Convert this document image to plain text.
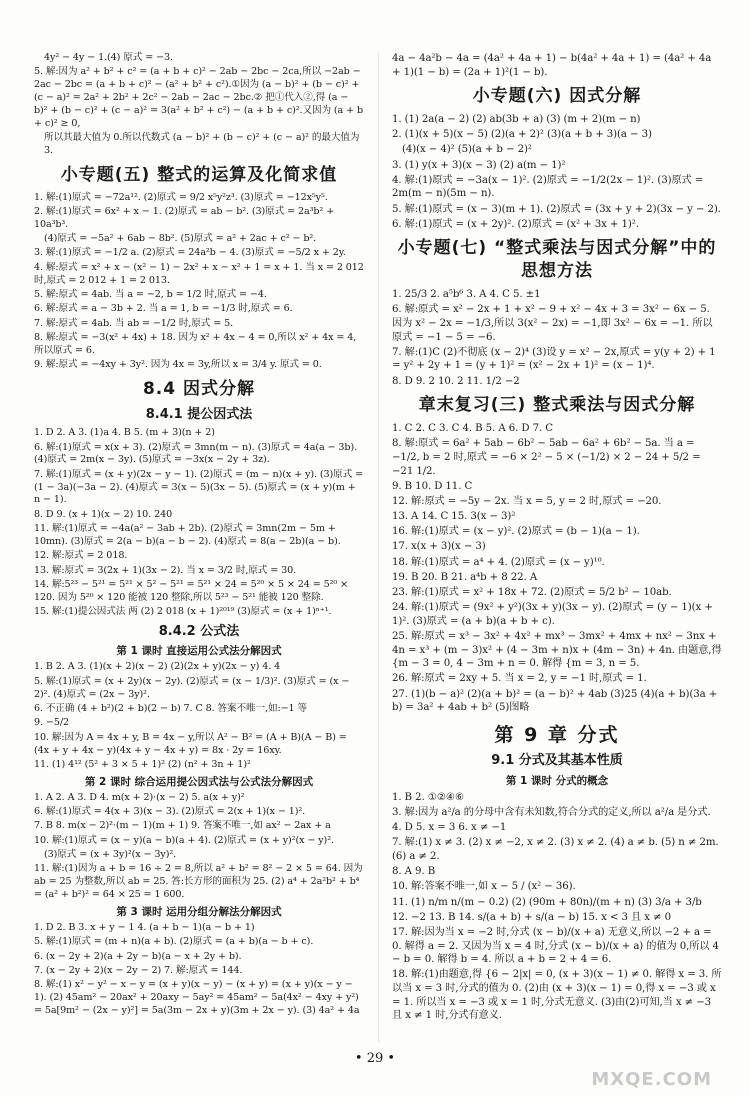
4y² − 4y − 1.(4) 原式 = −3.
5. 解:因为 a² + b² + c² = (a + b + c)² − 2ab − 2bc − 2ca,所以 −2ab − 2ac − 2bc = (a + b + c)² − (a² + b² + c²).①因为 (a − b)² + (b − c)² + (c − a)² = 2a² + 2b² + 2c² − 2ab − 2ac − 2bc.② 把①代入②,得 (a − b)² + (b − c)² + (c − a)² = 3(a² + b² + c²) − (a + b + c)².又因为 (a + b + c)² ≥ 0,
所以其最大值为 0.所以代数式 (a − b)² + (b − c)² + (c − a)² 的最大值为 3.
小专题(五) 整式的运算及化简求值
1. 解:(1)原式 = −72a¹². (2)原式 = 9/2 x⁵y²z³. (3)原式 = −12x⁵y⁵.
2. 解:(1)原式 = 6x² + x − 1. (2)原式 = ab − b². (3)原式 = 2a³b² + 10a³b³.
(4)原式 = −5a² + 6ab − 8b². (5)原式 = a² + 2ac + c² − b².
3. 解:(1)原式 = −1/2 a. (2)原式 = 24a²b − 4. (3)原式 = −5/2 x + 2y.
4. 解:原式 = x² + x − (x² − 1) − 2x² + x − x² + 1 = x + 1. 当 x = 2 012 时,原式 = 2 012 + 1 = 2 013.
5. 解:原式 = 4ab. 当 a = −2, b = 1/2 时,原式 = −4.
6. 解:原式 = a − 3b + 2. 当 a = 1, b = −1/3 时,原式 = 6.
7. 解:原式 = 4ab. 当 ab = −1/2 时,原式 = 5.
8. 解:原式 = −3(x² + 4x) + 18. 因为 x² + 4x − 4 = 0,所以 x² + 4x = 4,所以原式 = 6.
9. 解:原式 = −4xy + 3y². 因为 4x = 3y,所以 x = 3/4 y. 原式 = 0.
8.4 因式分解
8.4.1 提公因式法
1. D 2. A 3. (1)a 4. B 5. (m + 3)(n + 2)
6. 解:(1)原式 = x(x + 3). (2)原式 = 3mn(m − n). (3)原式 = 4a(a − 3b). (4)原式 = 2m(x − 3y). (5)原式 = −3x(x − 2y + 3z).
7. 解:(1)原式 = (x + y)(2x − y − 1). (2)原式 = (m − n)(x + y). (3)原式 = (1 − 3a)(−3a − 2). (4)原式 = 3(x − 5)(3x − 5). (5)原式 = (x + y)(m + n − 1).
8. D 9. (x + 1)(x − 2) 10. 240
11. 解:(1)原式 = −4a(a² − 3ab + 2b). (2)原式 = 3mn(2m − 5m + 10mn). (3)原式 = 2(a − b)(a − b − 2). (4)原式 = 8(a − 2b)(a − b).
12. 解:原式 = 2 018.
13. 解:原式 = 3(2x + 1)(3x − 2). 当 x = 3/2 时,原式 = 30.
14. 解:5²³ − 5²¹ = 5²¹ × 5² − 5²¹ = 5²¹ × 24 = 5²⁰ × 5 × 24 = 5²⁰ × 120. 因为 5²⁰ × 120 能被 120 整除,所以 5²³ − 5²¹ 能被 120 整除.
15. 解:(1)提公因式法 两 (2) 2 018 (x + 1)²⁰¹⁹ (3)原式 = (x + 1)ⁿ⁺¹.
8.4.2 公式法
第 1 课时 直接运用公式法分解因式
1. B 2. A 3. (1)(x + 2)(x − 2) (2)(2x + y)(2x − y) 4. 4
5. 解:(1)原式 = (x + 2y)(x − 2y). (2)原式 = (x − 1/3)². (3)原式 = (x − 2)². (4)原式 = (2x − 3y)².
6. 不正确 (4 + b²)(2 + b)(2 − b) 7. C 8. 答案不唯一,如:−1 等
9. −5/2
10. 解:因为 A = 4x + y, B = 4x − y,所以 A² − B² = (A + B)(A − B) = (4x + y + 4x − y)(4x + y − 4x + y) = 8x · 2y = 16xy.
11. (1) 4¹² (5² + 3 × 5 + 1)² (2) (n² + 3n + 1)²
第 2 课时 综合运用提公因式法与公式法分解因式
1. A 2. A 3. D 4. m(x + 2)·(x − 2) 5. a(x + y)²
6. 解:(1)原式 = 4(x + 3)(x − 3). (2)原式 = 2(x + 1)(x − 1)².
7. B 8. m(x − 2)²·(m − 1)(m + 1) 9. 答案不唯一,如 ax² − 2ax + a
10. 解:(1)原式 = (x − y)(a − b)(a + 4). (2)原式 = (x + y)²(x − y)².
(3)原式 = (x + 3y)²(x − 3y)².
11. 解:(1)因为 a + b = 16 ÷ 2 = 8,所以 a² + b² = 8² − 2 × 5 = 64. 因为 ab = 25 为整数,所以 ab = 25. 答:长方形的面积为 25. (2) a⁴ + 2a²b² + b⁴ = (a² + b²)² = 64 × 25 = 1 600.
第 3 课时 运用分组分解法分解因式
1. D 2. B 3. x + y − 1 4. (a + b − 1)(a − b + 1)
5. 解:(1)原式 = (m + n)(a + b). (2)原式 = (a + b)(a − b + c).
6. (x − 2y + 2)(a + 2y − b)(a − x + 2y + b).
7. (x − 2y + 2)(x − 2y − 2) 7. 解:原式 = 144.
8. 解:(1) x² − y² − x − y = (x + y)(x − y) − (x + y) = (x + y)(x − y − 1). (2) 45am² − 20ax² + 20axy − 5ay² = 45am² − 5a(4x² − 4xy + y²) = 5a[9m² − (2x − y)²] = 5a(3m − 2x + y)(3m + 2x − y). (3) 4a² + 4a
4a − 4a²b − 4a = (4a² + 4a + 1) − b(4a² + 4a + 1) = (4a² + 4a + 1)(1 − b) = (2a + 1)²(1 − b).
小专题(六) 因式分解
1. (1) 2a(a − 2) (2) ab(3b + a) (3) (m + 2)(m − n)
2. (1)(x + 5)(x − 5) (2)(a + 2)² (3)(a + b + 3)(a − 3)
(4)(x − 4)² (5)(a + b − 2)²
3. (1) y(x + 3)(x − 3) (2) a(m − 1)²
4. 解:(1)原式 = −3a(x − 1)². (2)原式 = −1/2(2x − 1)². (3)原式 = 2m(m − n)(5m − n).
5. 解:(1)原式 = (x − 3)(m + 1). (2)原式 = (3x + y + 2)(3x − y − 2).
6. 解:(1)原式 = (x + 2y)². (2)原式 = (x² + 3x + 1)².
小专题(七) “整式乘法与因式分解”中的思想方法
1. 25/3 2. a⁵b⁶ 3. A 4. C 5. ±1
6. 解:原式 = x² − 2x + 1 + x² − 9 + x² − 4x + 3 = 3x² − 6x − 5. 因为 x² − 2x = −1/3,所以 3(x² − 2x) = −1,即 3x² − 6x = −1. 所以原式 = −1 − 5 = −6.
7. 解:(1)C (2)不彻底 (x − 2)⁴ (3)设 y = x² − 2x,原式 = y(y + 2) + 1 = y² + 2y + 1 = (y + 1)² = (x² − 2x + 1)² = (x − 1)⁴.
8. D 9. 2 10. 2 11. 1/2 −2
章末复习(三) 整式乘法与因式分解
1. C 2. C 3. C 4. B 5. A 6. D 7. C
8. 解:原式 = 6a² + 5ab − 6b² − 5ab − 6a² + 6b² − 5a. 当 a = −1/2, b = 2 时,原式 = −6 × 2² − 5 × (−1/2) × 2 − 24 + 5/2 = −21 1/2.
9. B 10. D 11. C
12. 解:原式 = −5y − 2x. 当 x = 5, y = 2 时,原式 = −20.
13. A 14. C 15. 3(x − 3)²
16. 解:(1)原式 = (x − y)². (2)原式 = (b − 1)(a − 1).
17. x(x + 3)(x − 3)
18. 解:(1)原式 = a⁴ + 4. (2)原式 = (x − y)¹⁰.
19. B 20. B 21. a⁴b + 8 22. A
23. 解:(1)原式 = x² + 18x + 72. (2)原式 = 5/2 b² − 10ab.
24. 解:(1)原式 = (9x² + y²)(3x + y)(3x − y). (2)原式 = (y − 1)(x + 1)². (3)原式 = (a + b)(a + b + c).
25. 解:原式 = x³ − 3x² + 4x² + mx³ − 3mx² + 4mx + nx² − 3nx + 4n = x³ + (m − 3)x² + (4 − 3m + n)x + (4m − 3n) + 4n. 由题意,得 {m − 3 = 0, 4 − 3m + n = 0. 解得 {m = 3, n = 5.
26. 解:原式 = 2xy + 5. 当 x = 2, y = −1 时,原式 = 1.
27. (1)(b − a)² (2)(a + b)² = (a − b)² + 4ab (3)25 (4)(a + b)(3a + b) = 3a² + 4ab + b² (5)图略
第 9 章 分式
9.1 分式及其基本性质
第 1 课时 分式的概念
1. B 2. ①②④⑥
3. 解:因为 a²/a 的分母中含有未知数,符合分式的定义,所以 a²/a 是分式.
4. D 5. x = 3 6. x ≠ −1
7. 解:(1) x ≠ 3. (2) x ≠ −2, x ≠ 2. (3) x ≠ 2. (4) a ≠ b. (5) n ≠ 2m. (6) a ≠ 2.
8. A 9. B
10. 解:答案不唯一,如 x − 5 / (x² − 36).
11. (1) n/m n/(m − 0.2) (2) (90m + 80n)/(m + n) (3) 3/a + 3/b
12. −2 13. B 14. s/(a + b) + s/(a − b) 15. x < 3 且 x ≠ 0
17. 解:因为当 x = −2 时,分式 (x − b)/(x + a) 无意义,所以 −2 + a = 0. 解得 a = 2. 又因为当 x = 4 时,分式 (x − b)/(x + a) 的值为 0,所以 4 − b = 0. 解得 b = 4. 所以 a + b = 2 + 4 = 6.
18. 解:(1)由题意,得 {6 − 2|x| = 0, (x + 3)(x − 1) ≠ 0. 解得 x = 3. 所以当 x = 3 时,分式的值为 0. (2)由 (x + 3)(x − 1) = 0,得 x = −3 或 x = 1. 所以当 x = −3 或 x = 1 时,分式无意义. (3)由(2)可知,当 x ≠ −3 且 x ≠ 1 时,分式有意义.
• 29 •
MXQE.COM
